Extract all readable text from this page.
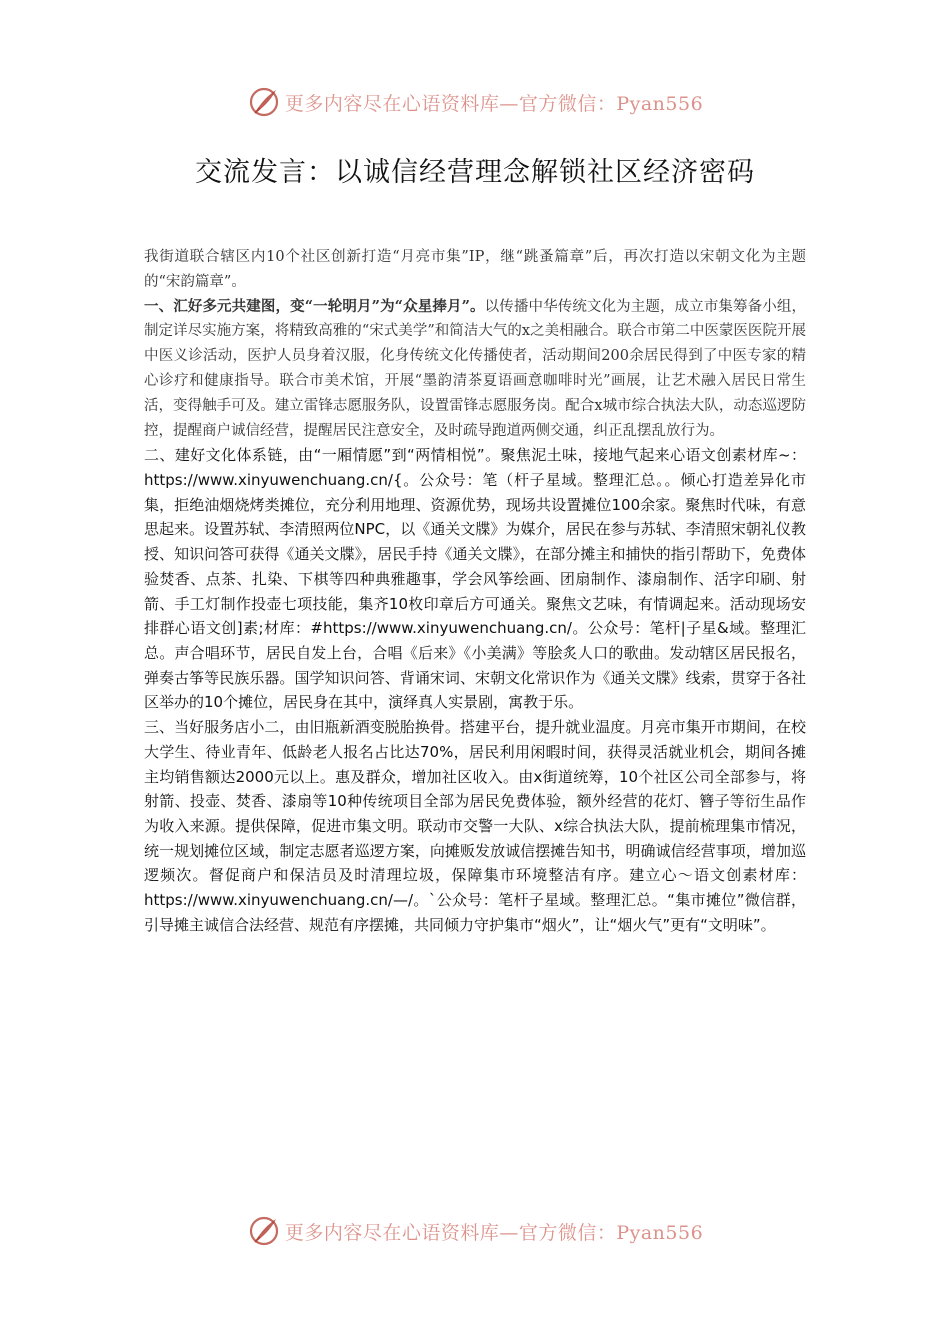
更多内容尽在心语资料库—官方微信：Pyan556
交流发言：以诚信经营理念解锁社区经济密码

我街道联合辖区内10个社区创新打造“月亮市集”IP，继“跳蚤篇章”后，再次打造以宋朝文化为主题的“宋韵篇章”。

一、汇好多元共建图，变“一轮明月”为“众星捧月”。以传播中华传统文化为主题，成立市集筹备小组，制定详尽实施方案，将精致高雅的“宋式美学”和简洁大气的x之美相融合。联合市第二中医蒙医医院开展中医义诊活动，医护人员身着汉服，化身传统文化传播使者，活动期间200余居民得到了中医专家的精心诊疗和健康指导。联合市美术馆，开展“墨韵清茶夏语画意咖啡时光”画展，让艺术融入居民日常生活，变得触手可及。建立雷锋志愿服务队，设置雷锋志愿服务岗。配合x城市综合执法大队，动态巡逻防控，提醒商户诚信经营，提醒居民注意安全，及时疏导跑道两侧交通，纠正乱摆乱放行为。

二、建好文化体系链，由“一厢情愿”到“两情相悦”。聚焦泥土味，接地气起来心语文创素材库~：https://www.xinyuwenchuang.cn/{。公众号：笔（杆子星域。整理汇总。。倾心打造差异化市集，拒绝油烟烧烤类摊位，充分利用地理、资源优势，现场共设置摊位100余家。聚焦时代味，有意思起来。设置苏轼、李清照两位NPC，以《通关文牒》为媒介，居民在参与苏轼、李清照宋朝礼仪教授、知识问答可获得《通关文牒》，居民手持《通关文牒》，在部分摊主和捕快的指引帮助下，免费体验焚香、点茶、扎染、下棋等四种典雅趣事，学会风筝绘画、团扇制作、漆扇制作、活字印刷、射箭、手工灯制作投壶七项技能，集齐10枚印章后方可通关。聚焦文艺味，有情调起来。活动现场安排群心语文创]素;材库：#https://www.xinyuwenchuang.cn/。公众号：笔杆|子星&域。整理汇总。声合唱环节，居民自发上台，合唱《后来》《小美满》等脍炙人口的歌曲。发动辖区居民报名，弹奏古筝等民族乐器。国学知识问答、背诵宋词、宋朝文化常识作为《通关文牒》线索，贯穿于各社区举办的10个摊位，居民身在其中，演绎真人实景剧，寓教于乐。

三、当好服务店小二，由旧瓶新酒变脱胎换骨。搭建平台，提升就业温度。月亮市集开市期间，在校大学生、待业青年、低龄老人报名占比达70%，居民利用闲暇时间，获得灵活就业机会，期间各摊主均销售额达2000元以上。惠及群众，增加社区收入。由x街道统筹，10个社区公司全部参与，将射箭、投壶、焚香、漆扇等10种传统项目全部为居民免费体验，额外经营的花灯、簪子等衍生品作为收入来源。提供保障，促进市集文明。联动市交警一大队、x综合执法大队，提前梳理集市情况，统一规划摊位区域，制定志愿者巡逻方案，向摊贩发放诚信摆摊告知书，明确诚信经营事项，增加巡逻频次。督促商户和保洁员及时清理垃圾，保障集市环境整洁有序。建立心～语文创素材库：https://www.xinyuwenchuang.cn/—/。`公众号：笔杆子星域。整理汇总。“集市摊位”微信群，引导摊主诚信合法经营、规范有序摆摊，共同倾力守护集市“烟火”，让“烟火气”更有“文明味”。

更多内容尽在心语资料库—官方微信：Pyan556
